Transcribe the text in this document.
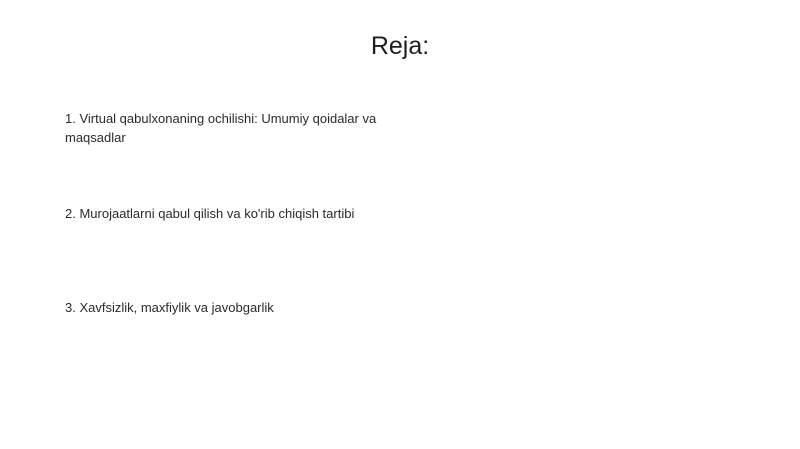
Reja:
1. Virtual qabulxonaning ochilishi: Umumiy qoidalar va maqsadlar
2. Murojaatlarni qabul qilish va ko'rib chiqish tartibi
3. Xavfsizlik, maxfiylik va javobgarlik
